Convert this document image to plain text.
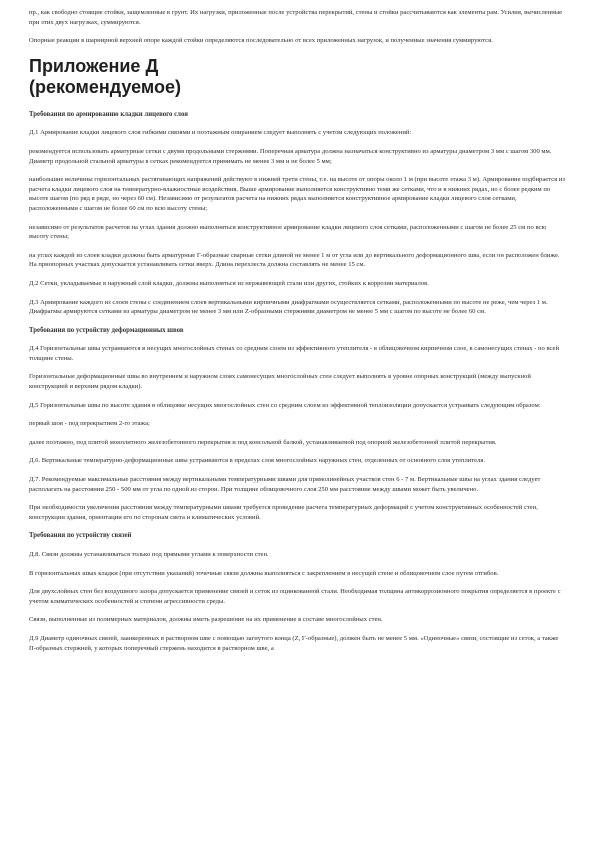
пр., как свободно стоящие стойки, защемленные в грунт. Их нагрузки, приложенные после устройства перекрытий, стены и стойки рассчитываются как элементы рам. Усилия, вычисленные при этих двух нагрузках, суммируются.

Опорные реакции в шарнирной верхней опоре каждой стойки определяются последовательно от всех приложенных нагрузок, и полученные значения суммируются.

Приложение Д
(рекомендуемое)

Требования по армированию кладки лицевого слоя

Д.1 Армирование кладки лицевого слоя гибкими связями и поэтажным опиранием следует выполнять с учетом следующих положений:

рекомендуется использовать арматурные сетки с двумя продольными стержнями. Поперечная арматура должна назначаться конструктивно из арматуры диаметром 3 мм с шагом 300 мм. Диаметр продольной стальной арматуры в сетках рекомендуется принимать не менее 3 мм и не более 5 мм;

наибольшие величины горизонтальных растягивающих напряжений действуют в нижней трети стены, т.е. на высоте от опоры около 1 м (при высоте этажа 3 м). Армирование подбирается из расчета кладки лицевого слоя на температурно-влажностные воздействия. Выше армирование выполняется конструктивно теми же сетками, что и в нижних рядах, но с более редким по высоте шагом (по ряд в ряде, но через 60 см). Независимо от результатов расчета на нижних рядах выполняется конструктивное армирование кладки лицевого слоя сетками, расположенными с шагом не более 60 см по всю высоту стены;

независимо от результатов расчетов на углах здания должно выполняться конструктивное армирование кладки лицевого слоя сетками, расположенными с шагом не более 25 см по всю высоту стены;

на углах каждой из слоев кладки должны быть арматурные Г-образные сварные сетки длиной не менее 1 м от угла или до вертикального деформационного шва, если он расположен ближе. На приопорных участках допускается устанавливать сетки вверх. Длина перехлеста должна составлять не менее 15 см.

Д.2 Сетки, укладываемые в наружный слой кладки, должны выполняться из нержавеющей стали или других, стойких к коррозии материалов.

Д.3 Армирование каждого из слоев стены с соединением слоев вертикальными кирпичными диафрагмами осуществляется сетками, расположенными по высоте не реже, чем через 1 м. Диафрагмы армируются сетками из арматуры диаметром не менее 3 мм или Z-образными стержнями диаметром не менее 5 мм с шагом по высоте не более 60 см.

Требования по устройству деформационных швов

Д.4 Горизонтальные швы устраиваются в несущих многослойных стенах со средним слоем из эффективного утеплителя - в облицовочном кирпичном слое, в самонесущих стенах - по всей толщине стены.

Горизонтальные деформационные швы во внутреннем и наружном слоях самонесущих многослойных стен следует выполнять в уровне опорных конструкций (между выпускной конструкцией и верхним рядом кладки).

Д.5 Горизонтальные швы по высоте здания в облицовке несущих многослойных стен со средним слоем из эффективной теплоизоляции допускается устраивать следующим образом:

первый шов - под перекрытием 2-го этажа;

далее поэтажно, под плитой монолитного железобетонного перекрытия и под консольной балкой, устанавливаемой под опорной железобетонной плитой перекрытия.

Д.6. Вертикальные температурно-деформационные швы устраиваются в пределах слоя многослойных наружных стен, отделенных от основного слоя утеплителя.

Д.7. Рекомендуемые максимальные расстояния между вертикальными температурными швами для прямолинейных участков стен 6 - 7 м. Вертикальные швы на углах здания следует располагать на расстоянии 250 - 500 мм от угла по одной из сторон. При толщине облицовочного слоя 250 мм расстояние между швами может быть увеличено.

При необходимости увеличения расстояния между температурными швами требуется проведение расчета температурных деформаций с учетом конструктивных особенностей стен, конструкции здания, ориентации его по сторонам света и климатических условий.

Требования по устройству связей

Д.8. Связи должны устанавливаться только под прямыми углами к поверхности стен.

В горизонтальных швах кладки (при отсутствии указаний) точечные связи должны выполняться с закреплением в несущей стене и облицовочном слое путем отгибов.

Для двухслойных стен без воздушного зазора допускается применение связей и сеток из оцинкованной стали. Необходимая толщина антикоррозионного покрытия определяется в проекте с учетом климатических особенностей и степени агрессивности среды.

Связи, выполненные из полимерных материалов, должны иметь разрешение на их применение в составе многослойных стен.

Д.9 Диаметр одиночных связей, заанкеренных в растворном шве с помощью загнутого конца (Z, Г-образные), должен быть не менее 5 мм. «Одиночные» связи, состоящие из сеток, а также П-образных стержней, у которых поперечный стержень находится в растворном шве, а
